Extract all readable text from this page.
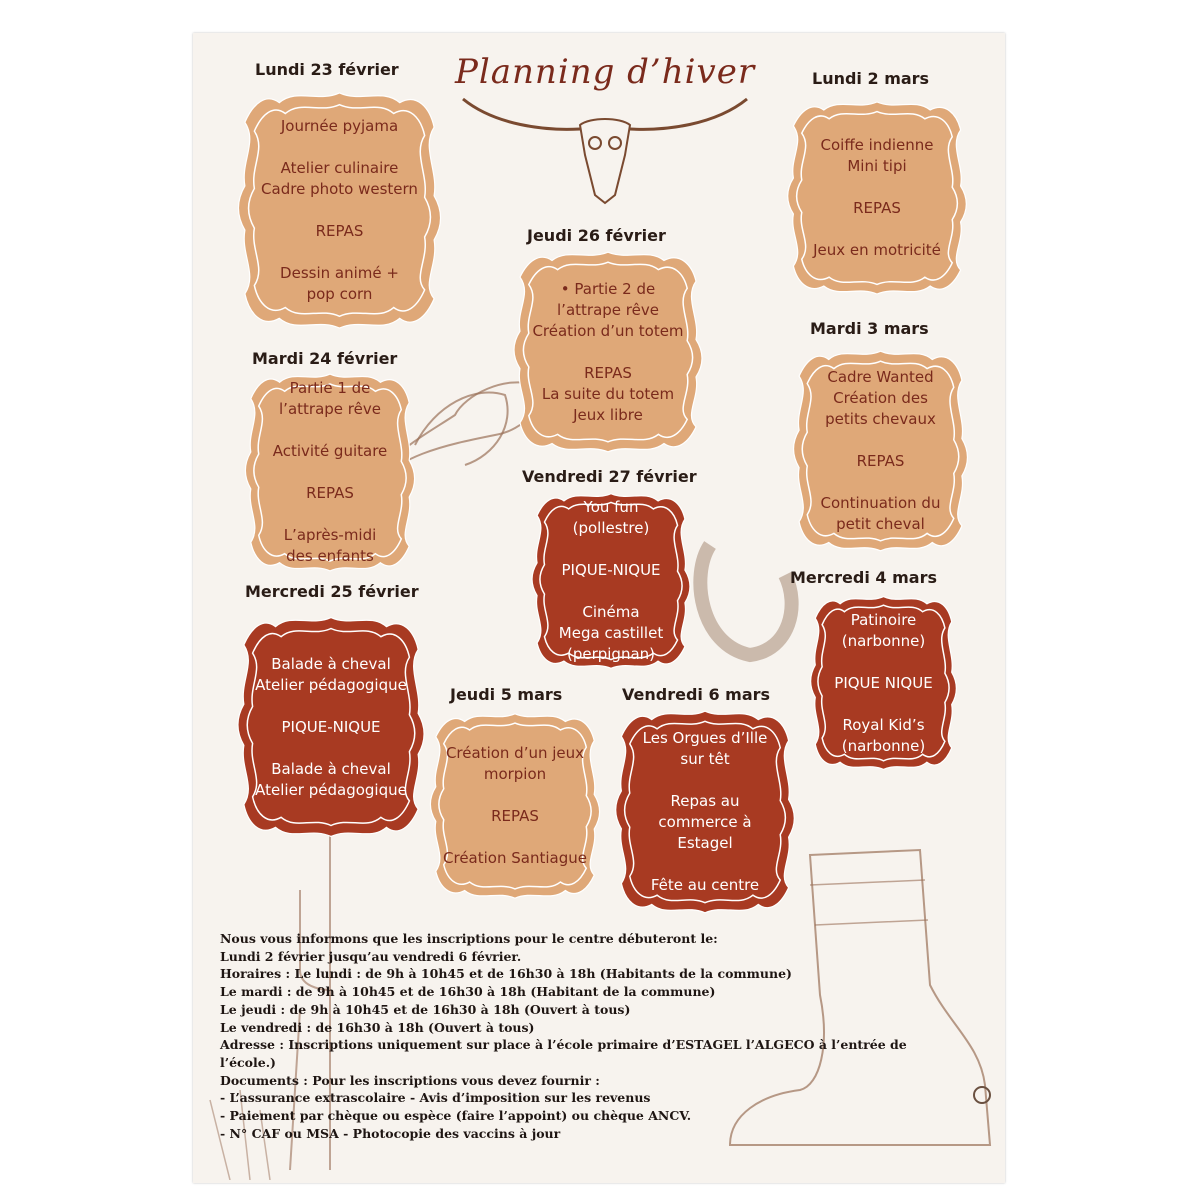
Planning d’hiver
Lundi 23 février
Mardi 24 février
Mercredi 25 février
Jeudi 26 février
Vendredi 27 février
Lundi 2 mars
Mardi 3 mars
Mercredi 4 mars
Jeudi 5 mars	Vendredi 6 mars
Journée pyjama
Atelier culinaire
Cadre photo western
REPAS
Dessin animé +
pop corn
Partie 1 de
l’attrape rêve
Activité guitare
REPAS
L’après-midi
des enfants
Balade à cheval
Atelier pédagogique
PIQUE-NIQUE
Balade à cheval
Atelier pédagogique
• Partie 2 de
l’attrape rêve
Création d’un totem
REPAS
La suite du totem
Jeux libre
You fun
(pollestre)
PIQUE-NIQUE
Cinéma
Mega castillet
(perpignan)
Coiffe indienne
Mini tipi
REPAS
Jeux en motricité
Cadre Wanted
Création des
petits chevaux
REPAS
Continuation du
petit cheval
Patinoire
(narbonne)
PIQUE NIQUE
Royal Kid’s
(narbonne)
Création d’un jeux
morpion
REPAS
Création Santiague
Les Orgues d’Ille
sur têt
Repas au
commerce à
Estagel
Fête au centre
Nous vous informons que les inscriptions pour le centre débuteront le:
Lundi 2 février jusqu’au vendredi 6 février.
Horaires : Le lundi : de 9h à 10h45 et de 16h30 à 18h (Habitants de la commune)
Le mardi : de 9h à 10h45 et de 16h30 à 18h (Habitant de la commune)
Le jeudi : de 9h à 10h45 et de 16h30 à 18h (Ouvert à tous)
Le vendredi : de 16h30 à 18h (Ouvert à tous)
Adresse : Inscriptions uniquement sur place à l’école primaire d’ESTAGEL l’ALGECO à l’entrée de
l’école.)
Documents : Pour les inscriptions vous devez fournir :
- L’assurance extrascolaire - Avis d’imposition sur les revenus
- Paiement par chèque ou espèce (faire l’appoint) ou chèque ANCV.
- N° CAF ou MSA - Photocopie des vaccins à jour
